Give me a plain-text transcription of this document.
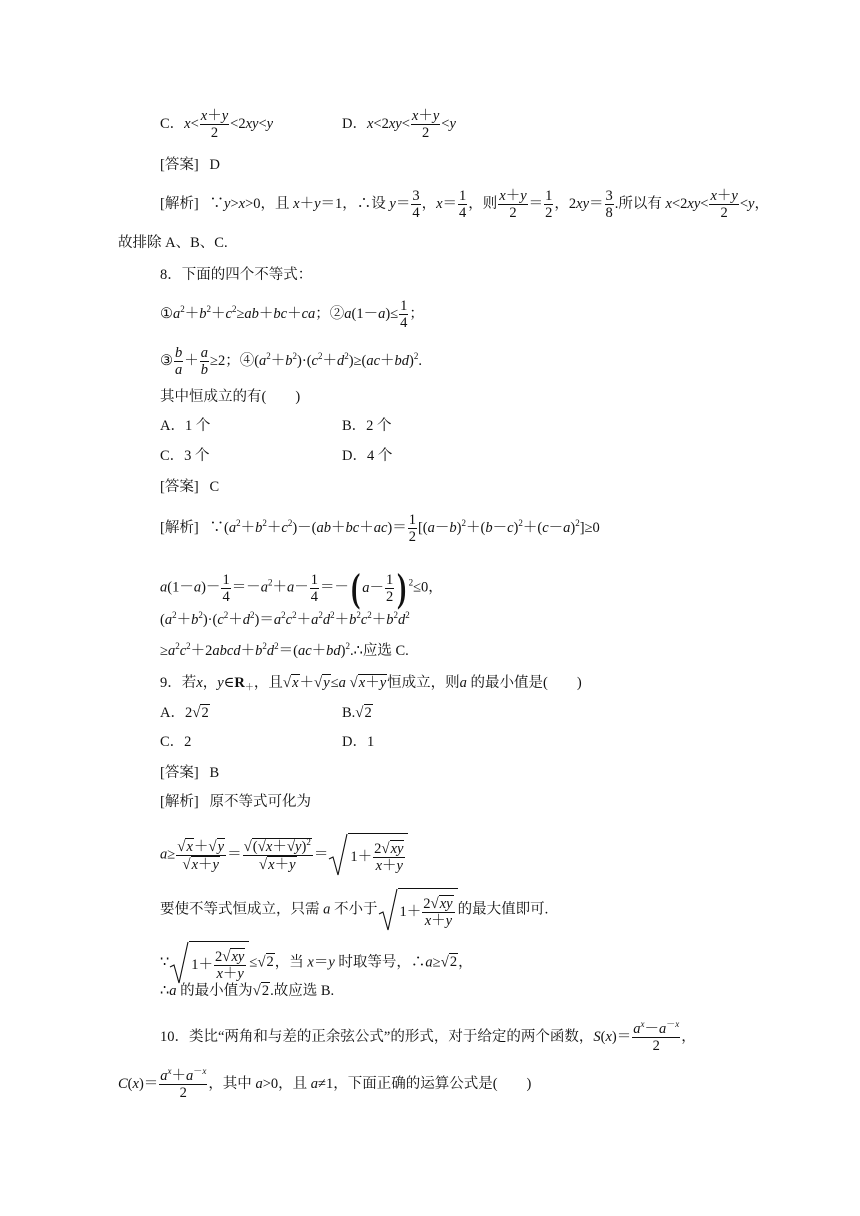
C．$x< \frac{x+y}{2} <2xy<y$	D．$x<2xy< \frac{x+y}{2} <y$
[答案] D
[解析]   ∵y>x>0，且 x＋y＝1，∴设 $y= \frac{3}{4}$ ，$x= \frac{1}{4}$ ，则 $\frac{x+y}{2} = \frac{1}{2}$ ，$2xy= \frac{3}{8}$ .所以有 $x<2xy< \frac{x+y}{2} <y$，
故排除 A、B、C.
8．下面的四个不等式：
$①a^2+b^2+c^2\ge ab+bc+ca$；②a(1－a)≤ $\frac{1}{4}$ ；
③ $\frac{b}{a} + \frac{a}{b} \ge 2$；$④(a^2+b^2)\cdot(c^2+d^2)\ge(ac+bd)^2$.
其中恒成立的有(　　)
A．1 个	B．2 个
C．3 个	D．4 个
[答案] C
[解析]   $\because(a^2+b^2+c^2)-(ab+bc+ac)= \frac{1}{2} [(a-b)^2+(b-c)^2+(c-a)^2]\ge 0$
$a(1-a)- \frac{1}{4} =-a^2+a- \frac{1}{4}$ ＝－ ( a －
1
2 ) $^2$≤0，
$(a^2+b^2)\cdot(c^2+d^2)=a^2c^2+a^2d^2+b^2c^2+b^2d^2$
$\ge a^2c^2+2abcd+b^2d^2=(ac+bd)^2.\therefore$应选 C.
9．若x，$y\in R_+$，且√x＋√y≤a √x＋y恒成立，则a 的最小值是(　　)
A．2√2	B.√2
C．2	D．1
[答案] B
[解析] 原不等式可化为
$a\ge \frac{√x+√y}{√x+y} = \frac{√(√x+√y)^2}{√x+y} = 1+ 2√xy$
x＋y
要使不等式恒成立，只需 a 不小于 1＋ 2√xy
x＋y
的最大值即可.
∵ 1＋ 2√xy
x＋y
≤√2，当 x＝y 时取等号，∴a≥√2，
∴a 的最小值为√2.故应选 B.
10．类比“两角和与差的正余弦公式”的形式，对于给定的两个函数，$S(x)= \frac{a^x-a^{-x}}{2}$ ，
$C(x)= \frac{a^x+a^{-x}}{2}$ ，其中 a>0，且 a≠1，下面正确的运算公式是(　　)
